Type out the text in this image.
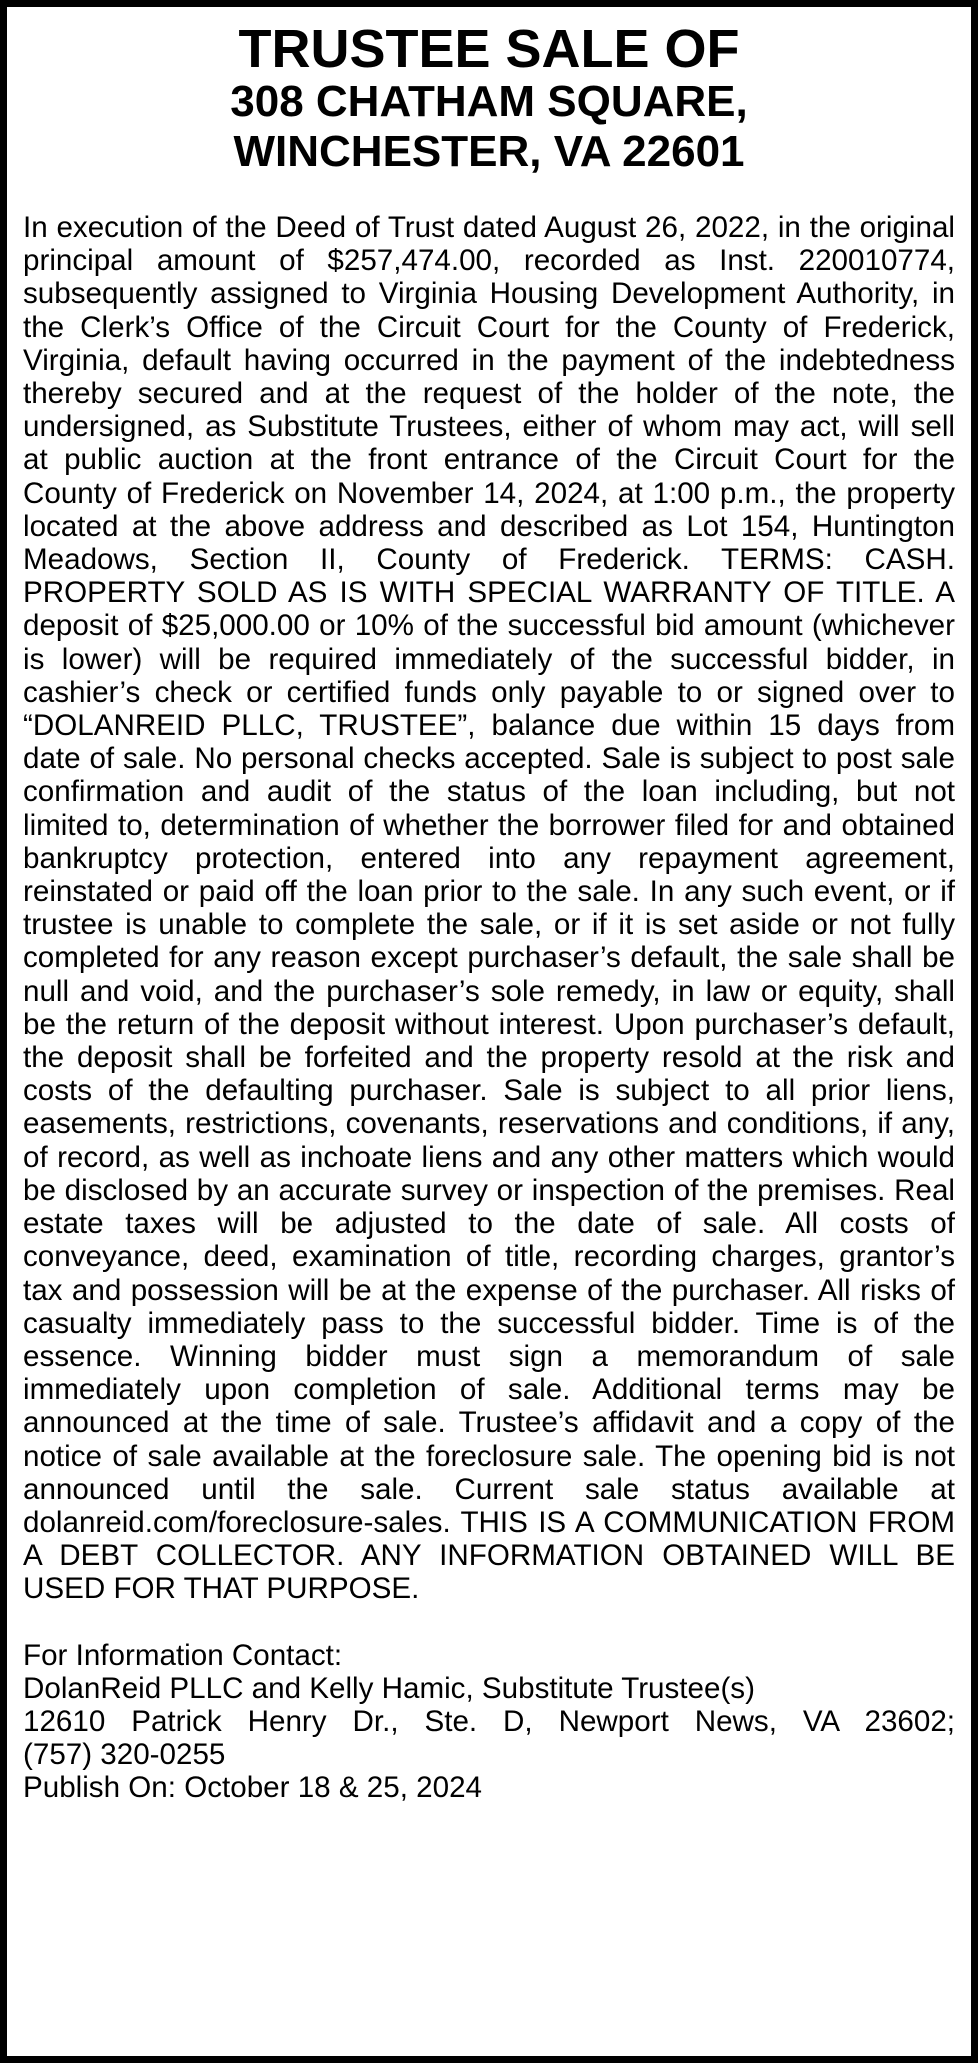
TRUSTEE SALE OF
308 CHATHAM SQUARE,
WINCHESTER, VA 22601

In execution of the Deed of Trust dated August 26, 2022, in the original principal amount of $257,474.00, recorded as Inst. 220010774, subsequently assigned to Virginia Housing Development Authority, in the Clerk’s Office of the Circuit Court for the County of Frederick, Virginia, default having occurred in the payment of the indebtedness thereby secured and at the request of the holder of the note, the undersigned, as Substitute Trustees, either of whom may act, will sell at public auction at the front entrance of the Circuit Court for the County of Frederick on November 14, 2024, at 1:00 p.m., the property located at the above address and described as Lot 154, Huntington Meadows, Section II, County of Frederick. TERMS: CASH. PROPERTY SOLD AS IS WITH SPECIAL WARRANTY OF TITLE. A deposit of $25,000.00 or 10% of the successful bid amount (whichever is lower) will be required immediately of the successful bidder, in cashier’s check or certified funds only payable to or signed over to “DOLANREID PLLC, TRUSTEE”, balance due within 15 days from date of sale. No personal checks accepted. Sale is subject to post sale confirmation and audit of the status of the loan including, but not limited to, determination of whether the borrower filed for and obtained bankruptcy protection, entered into any repayment agreement, reinstated or paid off the loan prior to the sale. In any such event, or if trustee is unable to complete the sale, or if it is set aside or not fully completed for any reason except purchaser’s default, the sale shall be null and void, and the purchaser’s sole remedy, in law or equity, shall be the return of the deposit without interest. Upon purchaser’s default, the deposit shall be forfeited and the property resold at the risk and costs of the defaulting purchaser. Sale is subject to all prior liens, easements, restrictions, covenants, reservations and conditions, if any, of record, as well as inchoate liens and any other matters which would be disclosed by an accurate survey or inspection of the premises. Real estate taxes will be adjusted to the date of sale. All costs of conveyance, deed, examination of title, recording charges, grantor’s tax and possession will be at the expense of the purchaser. All risks of casualty immediately pass to the successful bidder. Time is of the essence. Winning bidder must sign a memorandum of sale immediately upon completion of sale. Additional terms may be announced at the time of sale. Trustee’s affidavit and a copy of the notice of sale available at the foreclosure sale. The opening bid is not announced until the sale. Current sale status available at dolanreid.com/foreclosure-sales. THIS IS A COMMUNICATION FROM A DEBT COLLECTOR. ANY INFORMATION OBTAINED WILL BE USED FOR THAT PURPOSE.

For Information Contact:
DolanReid PLLC and Kelly Hamic, Substitute Trustee(s)
12610 Patrick Henry Dr., Ste. D, Newport News, VA 23602;
(757) 320-0255
Publish On: October 18 & 25, 2024
